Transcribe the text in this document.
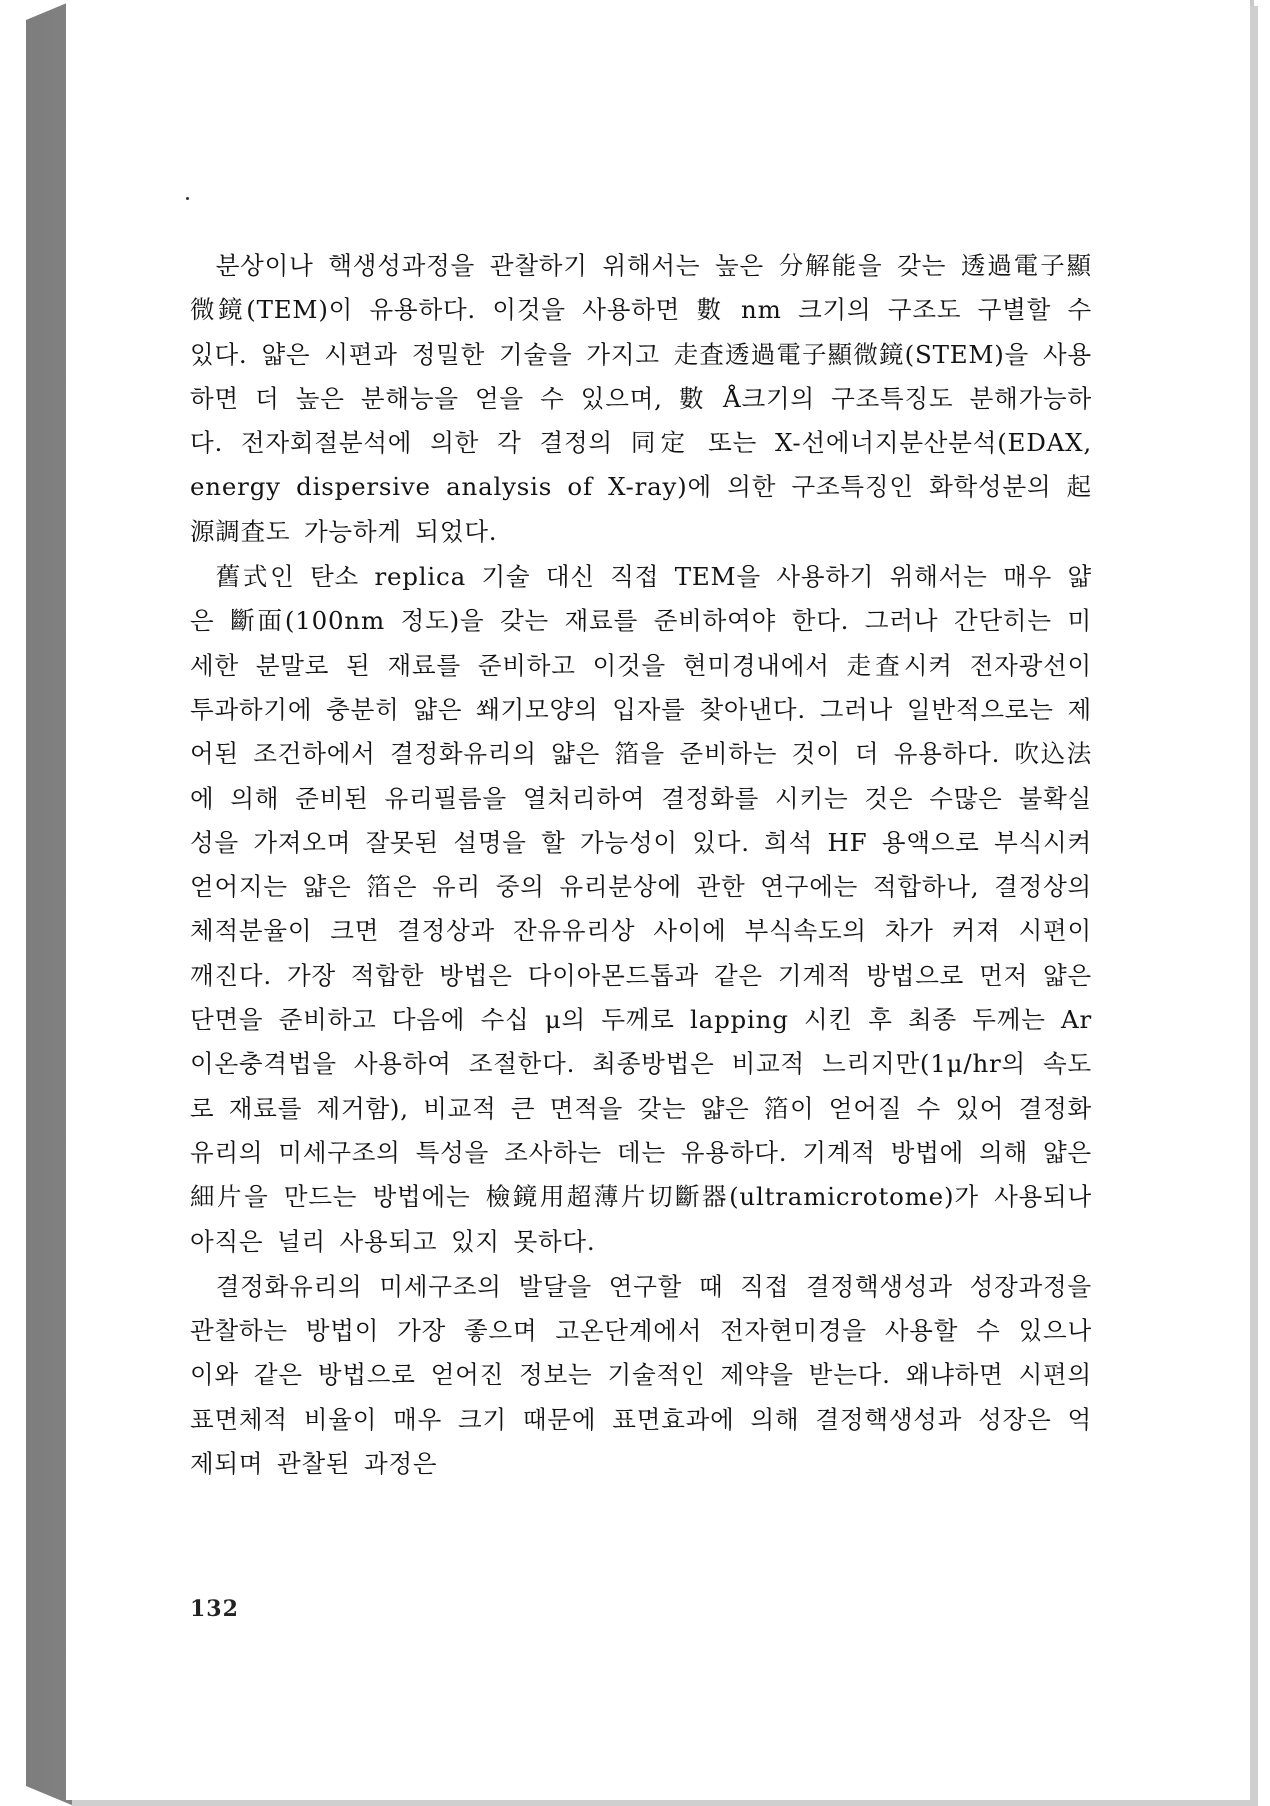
분상이나 핵생성과정을 관찰하기 위해서는 높은 分解能을 갖는 透過電子顯微鏡(TEM)이 유용하다. 이것을 사용하면 數 nm 크기의 구조도 구별할 수 있다. 얇은 시편과 정밀한 기술을 가지고 走査透過電子顯微鏡(STEM)을 사용하면 더 높은 분해능을 얻을 수 있으며, 數 Å크기의 구조특징도 분해가능하다. 전자회절분석에 의한 각 결정의 同定 또는 X-선에너지분산분석(EDAX, energy dispersive analysis of X-ray)에 의한 구조특징인 화학성분의 起源調査도 가능하게 되었다.

舊式인 탄소 replica 기술 대신 직접 TEM을 사용하기 위해서는 매우 얇은 斷面(100nm 정도)을 갖는 재료를 준비하여야 한다. 그러나 간단히는 미세한 분말로 된 재료를 준비하고 이것을 현미경내에서 走査시켜 전자광선이 투과하기에 충분히 얇은 쐐기모양의 입자를 찾아낸다. 그러나 일반적으로는 제어된 조건하에서 결정화유리의 얇은 箔을 준비하는 것이 더 유용하다. 吹込法에 의해 준비된 유리필름을 열처리하여 결정화를 시키는 것은 수많은 불확실성을 가져오며 잘못된 설명을 할 가능성이 있다. 희석 HF 용액으로 부식시켜 얻어지는 얇은 箔은 유리 중의 유리분상에 관한 연구에는 적합하나, 결정상의 체적분율이 크면 결정상과 잔유유리상 사이에 부식속도의 차가 커져 시편이 깨진다. 가장 적합한 방법은 다이아몬드톱과 같은 기계적 방법으로 먼저 얇은 단면을 준비하고 다음에 수십 μ의 두께로 lapping 시킨 후 최종 두께는 Ar 이온충격법을 사용하여 조절한다. 최종방법은 비교적 느리지만(1μ/hr의 속도로 재료를 제거함), 비교적 큰 면적을 갖는 얇은 箔이 얻어질 수 있어 결정화유리의 미세구조의 특성을 조사하는 데는 유용하다. 기계적 방법에 의해 얇은 細片을 만드는 방법에는 檢鏡用超薄片切斷器(ultramicrotome)가 사용되나 아직은 널리 사용되고 있지 못하다.

결정화유리의 미세구조의 발달을 연구할 때 직접 결정핵생성과 성장과정을 관찰하는 방법이 가장 좋으며 고온단계에서 전자현미경을 사용할 수 있으나 이와 같은 방법으로 얻어진 정보는 기술적인 제약을 받는다. 왜냐하면 시편의 표면체적 비율이 매우 크기 때문에 표면효과에 의해 결정핵생성과 성장은 억제되며 관찰된 과정은

132
